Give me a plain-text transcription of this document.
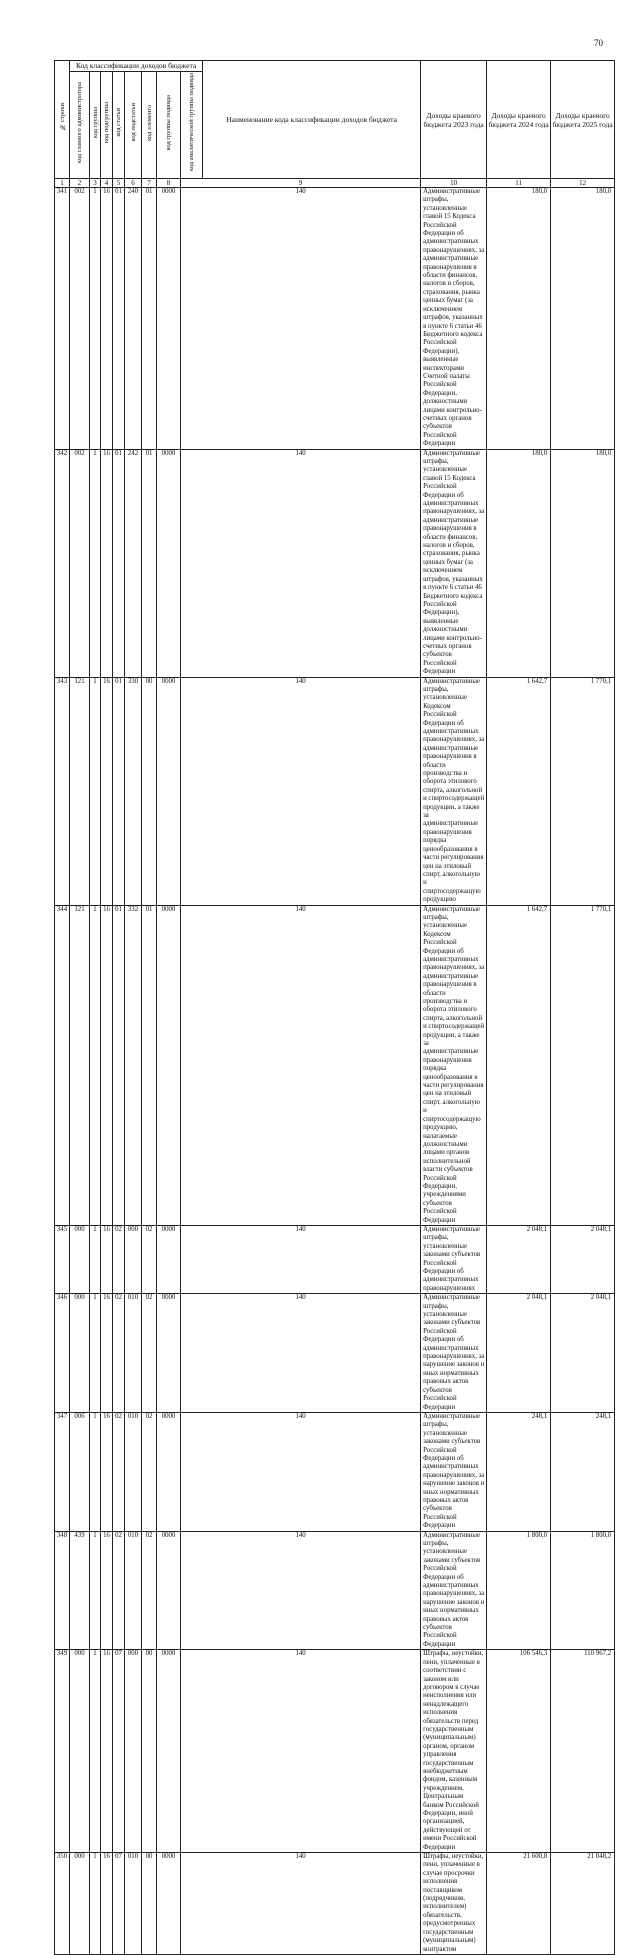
70
№ строки	Код классификации доходов бюджета								Наименование кода классификации доходов бюджета	Доходы краевого бюджета 2023 года	Доходы краевого бюджета 2024 года	Доходы краевого бюджета 2025 года	
	код главного администратора	код группы	код подгруппы	код статьи	код подстатьи	код элемента	код группы подвида	код аналитической группы подвида					
1	2	3	4	5	6	7	8	9		10	11	12	
341	002	1	16	01	240	01	0000	140		Административные штрафы, установленные главой 15 Кодекса Российской Федерации об административных правонарушениях, за административные правонарушения в области финансов, налогов и сборов, страхования, рынка ценных бумаг (за исключением штрафов, указанных в пункте 6 статьи 46 Бюджетного кодекса Российской Федерации), выявленные инспекторами Счетной палаты Российской Федерации, должностными лицами контрольно-счетных органов субъектов Российской Федерации	180,0	180,0	
342	002	1	16	01	242	01	0000	140		Административные штрафы, установленные главой 15 Кодекса Российской Федерации об административных правонарушениях, за административные правонарушения в области финансов, налогов и сборов, страхования, рынка ценных бумаг (за исключением штрафов, указанных в пункте 6 статьи 46 Бюджетного кодекса Российской Федерации), выявленные должностными лицами контрольно-счетных органов субъектов Российской Федерации	180,0	180,0	
343	121	1	16	01	330	00	0000	140		Административные штрафы, установленные Кодексом Российской Федерации об административных правонарушениях, за административные правонарушения в области производства и оборота этилового спирта, алкогольной и спиртосодержащей продукции, а также за административные правонарушения порядка ценообразования в части регулирования цен на этиловый спирт, алкогольную и спиртосодержащую продукцию	1 642,7	1 770,1	
344	121	1	16	01	332	01	0000	140		Административные штрафы, установленные Кодексом Российской Федерации об административных правонарушениях, за административные правонарушения в области производства и оборота этилового спирта, алкогольной и спиртосодержащей продукции, а также за административные правонарушения порядка ценообразования в части регулирования цен на этиловый спирт, алкогольную и спиртосодержащую продукцию, налагаемые должностными лицами органов исполнительной власти субъектов Российской Федерации, учреждениями субъектов Российской Федерации	1 642,7	1 770,1	
345	000	1	16	02	000	02	0000	140		Административные штрафы, установленные законами субъектов Российской Федерации об административных правонарушениях	2 048,1	2 048,1	
346	000	1	16	02	010	02	0000	140		Административные штрафы, установленные законами субъектов Российской Федерации об административных правонарушениях, за нарушение законов и иных нормативных правовых актов субъектов Российской Федерации	2 048,1	2 048,1	
347	006	1	16	02	010	02	0000	140		Административные штрафы, установленные законами субъектов Российской Федерации об административных правонарушениях, за нарушение законов и иных нормативных правовых актов субъектов Российской Федерации	248,1	248,1	
348	439	1	16	02	010	02	0000	140		Административные штрафы, установленные законами субъектов Российской Федерации об административных правонарушениях, за нарушение законов и иных нормативных правовых актов субъектов Российской Федерации	1 800,0	1 800,0	
349	000	1	16	07	000	00	0000	140		Штрафы, неустойки, пени, уплаченные в соответствии с законом или договором в случае неисполнения или ненадлежащего исполнения обязательств перед государственным (муниципальным) органом, органом управления государственным внебюджетным фондом, казенным учреждением, Центральным банком Российской Федерации, иной организацией, действующей от имени Российской Федерации	106 546,3	110 967,2	
350	000	1	16	07	010	00	0000	140		Штрафы, неустойки, пени, уплаченные в случае просрочки исполнения поставщиком (подрядчиком, исполнителем) обязательств, предусмотренных государственным (муниципальным) контрактом	21 600,8	21 048,2	
